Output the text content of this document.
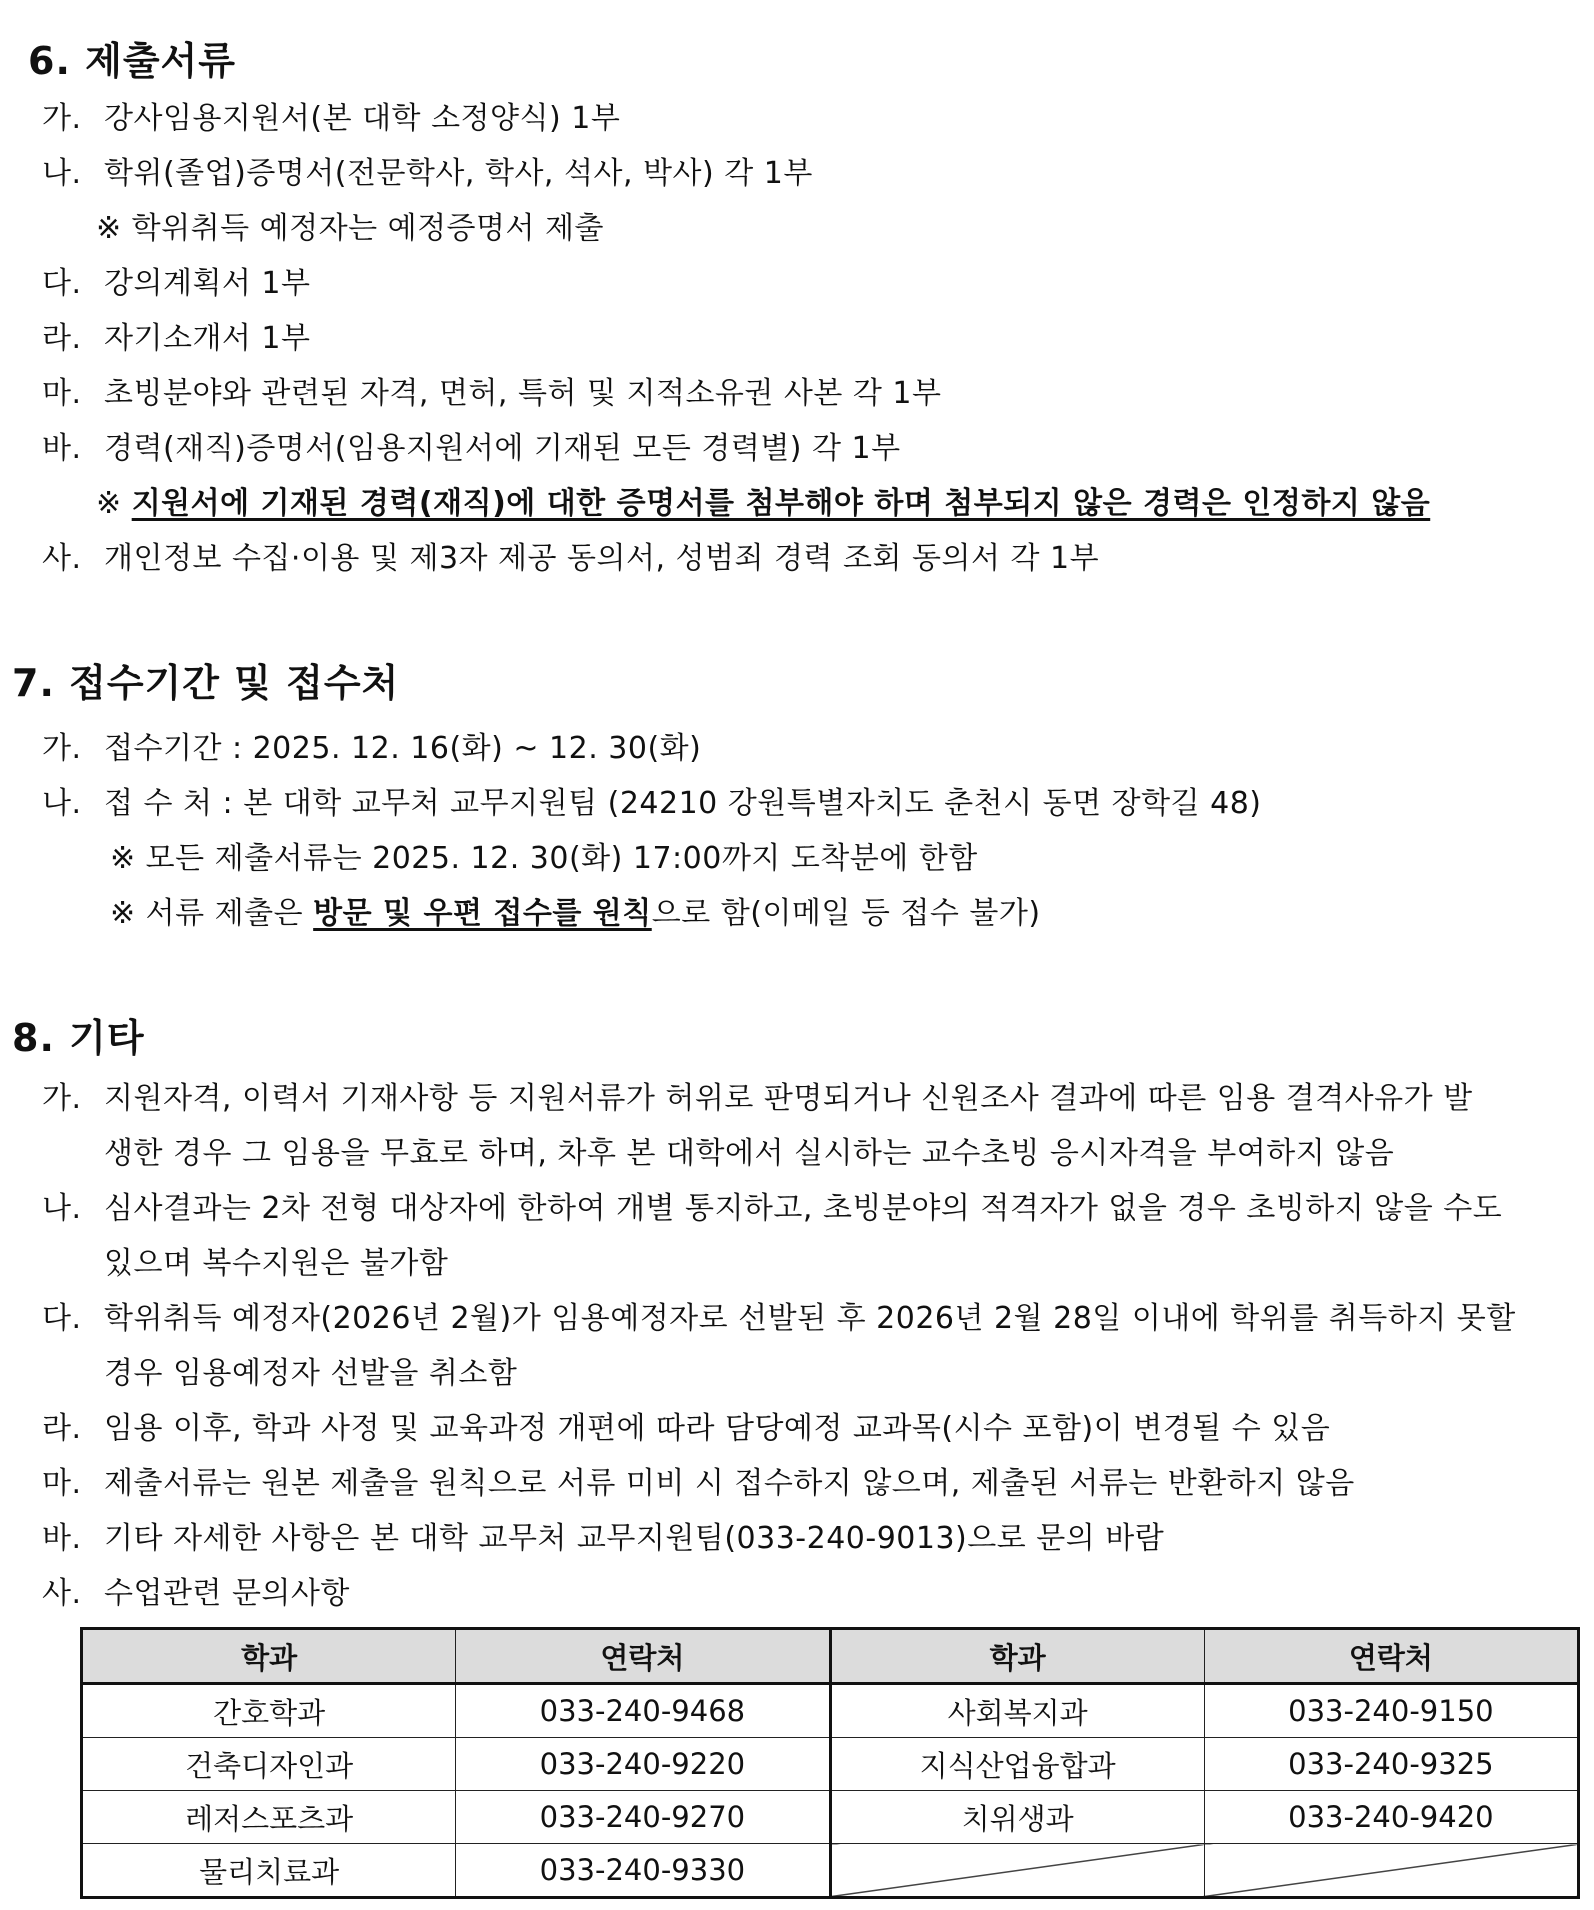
6. 제출서류
가. 강사임용지원서(본 대학 소정양식) 1부
나. 학위(졸업)증명서(전문학사, 학사, 석사, 박사) 각 1부
※ 학위취득 예정자는 예정증명서 제출
다. 강의계획서 1부
라. 자기소개서 1부
마. 초빙분야와 관련된 자격, 면허, 특허 및 지적소유권 사본 각 1부
바. 경력(재직)증명서(임용지원서에 기재된 모든 경력별) 각 1부
※ 지원서에 기재된 경력(재직)에 대한 증명서를 첨부해야 하며 첨부되지 않은 경력은 인정하지 않음
사. 개인정보 수집·이용 및 제3자 제공 동의서, 성범죄 경력 조회 동의서 각 1부
7. 접수기간 및 접수처
가. 접수기간 : 2025. 12. 16(화) ~ 12. 30(화)
나. 접 수 처 : 본 대학 교무처 교무지원팀 (24210 강원특별자치도 춘천시 동면 장학길 48)
※ 모든 제출서류는 2025. 12. 30(화) 17:00까지 도착분에 한함
※ 서류 제출은 방문 및 우편 접수를 원칙으로 함(이메일 등 접수 불가)
8. 기타
가. 지원자격, 이력서 기재사항 등 지원서류가 허위로 판명되거나 신원조사 결과에 따른 임용 결격사유가 발
생한 경우 그 임용을 무효로 하며, 차후 본 대학에서 실시하는 교수초빙 응시자격을 부여하지 않음
나. 심사결과는 2차 전형 대상자에 한하여 개별 통지하고, 초빙분야의 적격자가 없을 경우 초빙하지 않을 수도
있으며 복수지원은 불가함
다. 학위취득 예정자(2026년 2월)가 임용예정자로 선발된 후 2026년 2월 28일 이내에 학위를 취득하지 못할
경우 임용예정자 선발을 취소함
라. 임용 이후, 학과 사정 및 교육과정 개편에 따라 담당예정 교과목(시수 포함)이 변경될 수 있음
마. 제출서류는 원본 제출을 원칙으로 서류 미비 시 접수하지 않으며, 제출된 서류는 반환하지 않음
바. 기타 자세한 사항은 본 대학 교무처 교무지원팀(033-240-9013)으로 문의 바람
사. 수업관련 문의사항
학과	연락처	학과	연락처
간호학과	033-240-9468	사회복지과	033-240-9150
건축디자인과	033-240-9220	지식산업융합과	033-240-9325
레저스포츠과	033-240-9270	치위생과	033-240-9420
물리치료과	033-240-9330		
